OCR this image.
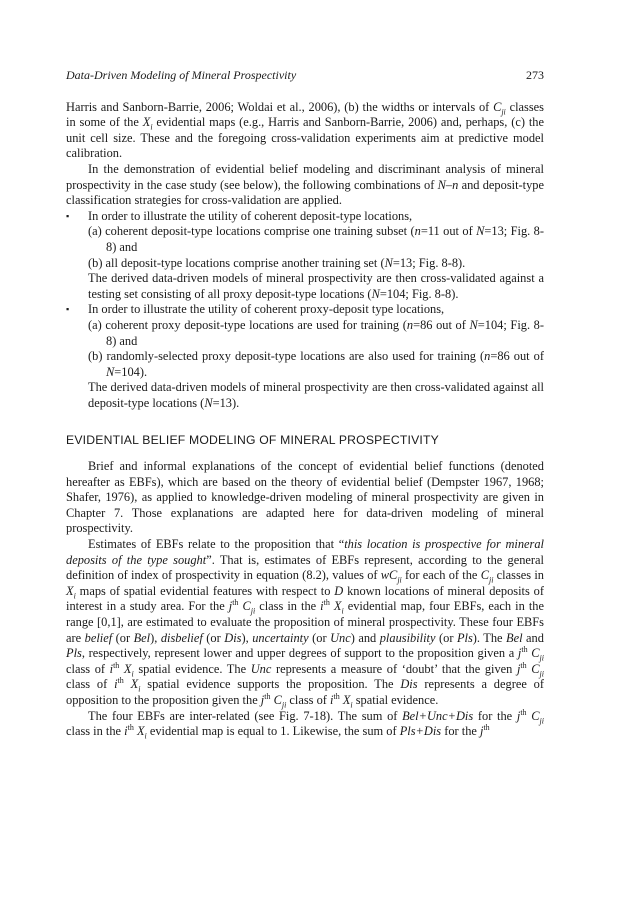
Data-Driven Modeling of Mineral Prospectivity	273

Harris and Sanborn-Barrie, 2006; Woldai et al., 2006), (b) the widths or intervals of $C_{ji}$ classes in some of the $X_i$ evidential maps (e.g., Harris and Sanborn-Barrie, 2006) and, perhaps, (c) the unit cell size. These and the foregoing cross-validation experiments aim at predictive model calibration.

In the demonstration of evidential belief modeling and discriminant analysis of mineral prospectivity in the case study (see below), the following combinations of N–n and deposit-type classification strategies for cross-validation are applied.

▪ In order to illustrate the utility of coherent deposit-type locations,
(a) coherent deposit-type locations comprise one training subset (n=11 out of N=13; Fig. 8-8) and
(b) all deposit-type locations comprise another training set (N=13; Fig. 8-8).

The derived data-driven models of mineral prospectivity are then cross-validated against a testing set consisting of all proxy deposit-type locations (N=104; Fig. 8-8).

▪ In order to illustrate the utility of coherent proxy-deposit type locations,
(a) coherent proxy deposit-type locations are used for training (n=86 out of N=104; Fig. 8-8) and
(b) randomly-selected proxy deposit-type locations are also used for training (n=86 out of N=104).

The derived data-driven models of mineral prospectivity are then cross-validated against all deposit-type locations (N=13).

EVIDENTIAL BELIEF MODELING OF MINERAL PROSPECTIVITY

Brief and informal explanations of the concept of evidential belief functions (denoted hereafter as EBFs), which are based on the theory of evidential belief (Dempster 1967, 1968; Shafer, 1976), as applied to knowledge-driven modeling of mineral prospectivity are given in Chapter 7. Those explanations are adapted here for data-driven modeling of mineral prospectivity.

Estimates of EBFs relate to the proposition that “this location is prospective for mineral deposits of the type sought”. That is, estimates of EBFs represent, according to the general definition of index of prospectivity in equation (8.2), values of $wC_{ji}$ for each of the $C_{ji}$ classes in $X_i$ maps of spatial evidential features with respect to D known locations of mineral deposits of interest in a study area. For the $j^{th}$ $C_{ji}$ class in the $i^{th}$ $X_i$ evidential map, four EBFs, each in the range [0,1], are estimated to evaluate the proposition of mineral prospectivity. These four EBFs are belief (or Bel), disbelief (or Dis), uncertainty (or Unc) and plausibility (or Pls). The Bel and Pls, respectively, represent lower and upper degrees of support to the proposition given a $j^{th}$ $C_{ji}$ class of $i^{th}$ $X_i$ spatial evidence. The Unc represents a measure of ‘doubt’ that the given $j^{th}$ $C_{ji}$ class of $i^{th}$ $X_i$ spatial evidence supports the proposition. The Dis represents a degree of opposition to the proposition given the $j^{th}$ $C_{ji}$ class of $i^{th}$ $X_i$ spatial evidence.

The four EBFs are inter-related (see Fig. 7-18). The sum of Bel+Unc+Dis for the $j^{th}$ $C_{ji}$ class in the $i^{th}$ $X_i$ evidential map is equal to 1. Likewise, the sum of Pls+Dis for the $j^{th}$
